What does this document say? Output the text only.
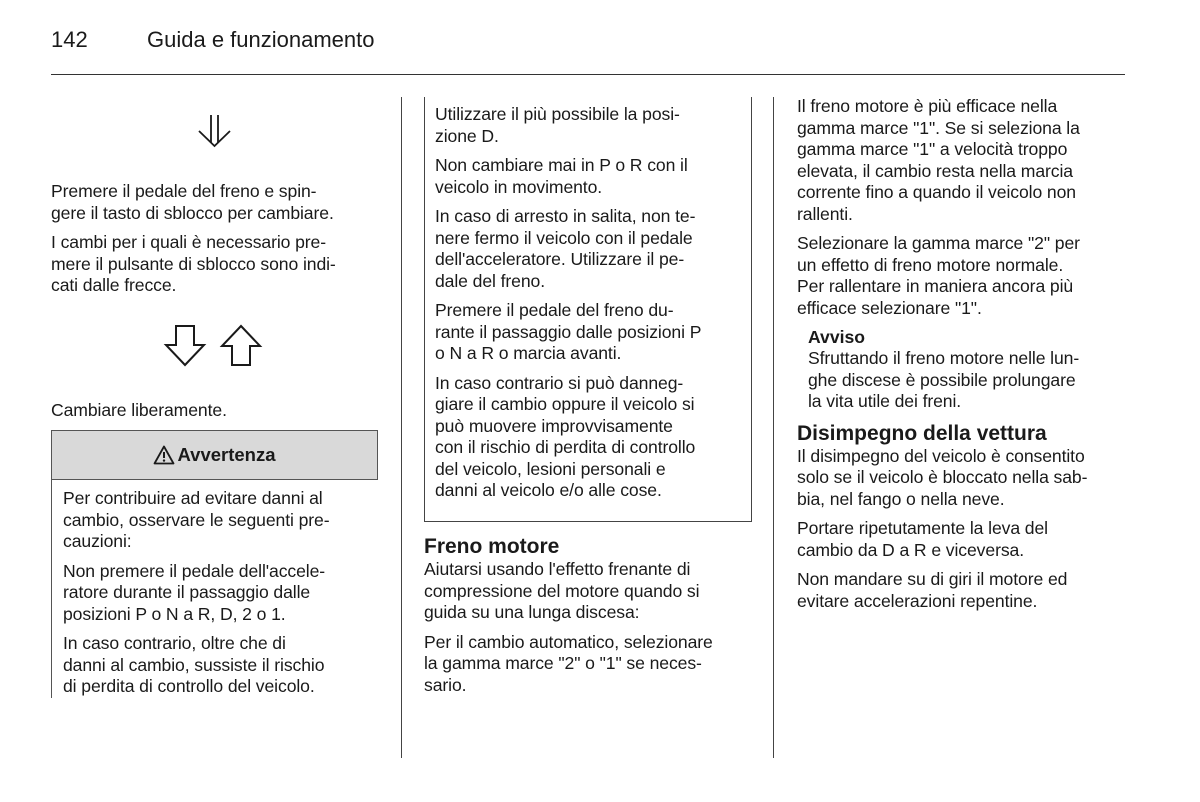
142	Guida e funzionamento

Premere il pedale del freno e spin-
gere il tasto di sblocco per cambiare.

I cambi per i quali è necessario pre-
mere il pulsante di sblocco sono indi-
cati dalle frecce.

Cambiare liberamente.

Avvertenza

Per contribuire ad evitare danni al
cambio, osservare le seguenti pre-
cauzioni:

Non premere il pedale dell'accele-
ratore durante il passaggio dalle
posizioni P o N a R, D, 2 o 1.

In caso contrario, oltre che di
danni al cambio, sussiste il rischio
di perdita di controllo del veicolo.

Utilizzare il più possibile la posi-
zione D.

Non cambiare mai in P o R con il
veicolo in movimento.

In caso di arresto in salita, non te-
nere fermo il veicolo con il pedale
dell'acceleratore. Utilizzare il pe-
dale del freno.

Premere il pedale del freno du-
rante il passaggio dalle posizioni P
o N a R o marcia avanti.

In caso contrario si può danneg-
giare il cambio oppure il veicolo si
può muovere improvvisamente
con il rischio di perdita di controllo
del veicolo, lesioni personali e
danni al veicolo e/o alle cose.

Freno motore

Aiutarsi usando l'effetto frenante di
compressione del motore quando si
guida su una lunga discesa:

Per il cambio automatico, selezionare
la gamma marce "2" o "1" se neces-
sario.

Il freno motore è più efficace nella
gamma marce "1". Se si seleziona la
gamma marce "1" a velocità troppo
elevata, il cambio resta nella marcia
corrente fino a quando il veicolo non
rallenti.

Selezionare la gamma marce "2" per
un effetto di freno motore normale.
Per rallentare in maniera ancora più
efficace selezionare "1".

Avviso

Sfruttando il freno motore nelle lun-
ghe discese è possibile prolungare
la vita utile dei freni.

Disimpegno della vettura

Il disimpegno del veicolo è consentito
solo se il veicolo è bloccato nella sab-
bia, nel fango o nella neve.

Portare ripetutamente la leva del
cambio da D a R e viceversa.

Non mandare su di giri il motore ed
evitare accelerazioni repentine.
